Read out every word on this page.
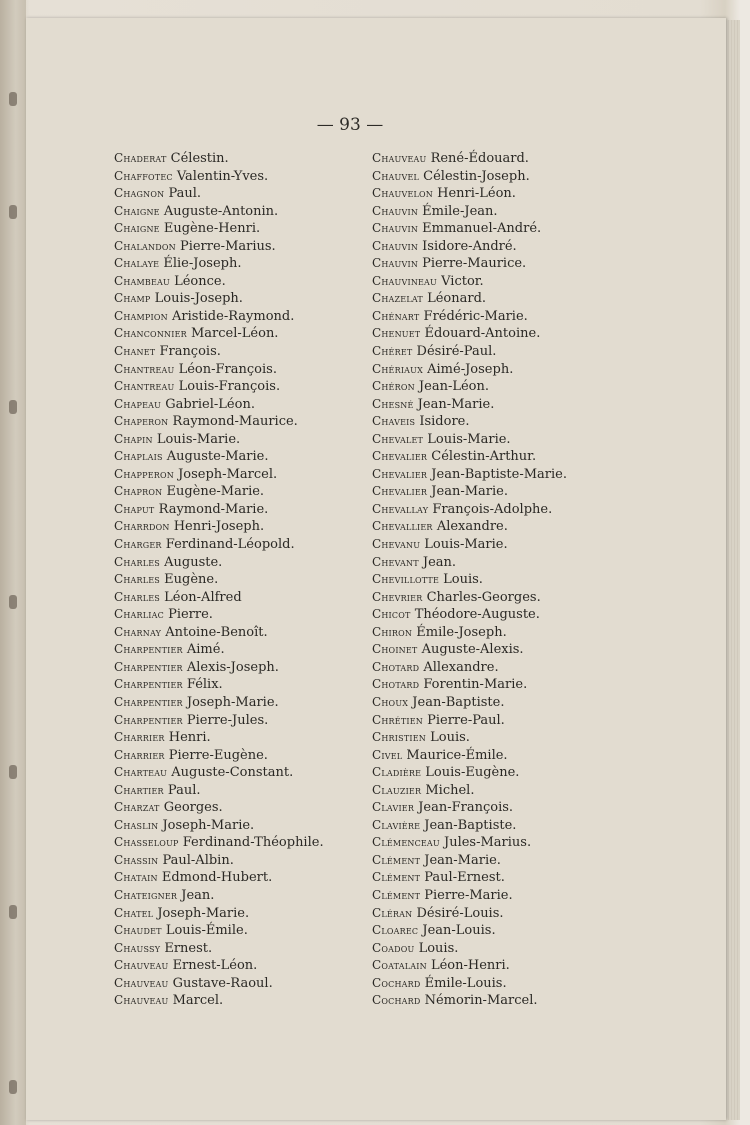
— 93 —
Chaderat Célestin.
Chaffotec Valentin-Yves.
Chagnon Paul.
Chaigne Auguste-Antonin.
Chaigne Eugène-Henri.
Chalandon Pierre-Marius.
Chalaye Élie-Joseph.
Chambeau Léonce.
Champ Louis-Joseph.
Champion Aristide-Raymond.
Chanconnier Marcel-Léon.
Chanet François.
Chantreau Léon-François.
Chantreau Louis-François.
Chapeau Gabriel-Léon.
Chaperon Raymond-Maurice.
Chapin Louis-Marie.
Chaplais Auguste-Marie.
Chapperon Joseph-Marcel.
Chapron Eugène-Marie.
Chaput Raymond-Marie.
Charrdon Henri-Joseph.
Charger Ferdinand-Léopold.
Charles Auguste.
Charles Eugène.
Charles Léon-Alfred
Charliac Pierre.
Charnay Antoine-Benoît.
Charpentier Aimé.
Charpentier Alexis-Joseph.
Charpentier Félix.
Charpentier Joseph-Marie.
Charpentier Pierre-Jules.
Charrier Henri.
Charrier Pierre-Eugène.
Charteau Auguste-Constant.
Chartier Paul.
Charzat Georges.
Chaslin Joseph-Marie.
Chasseloup Ferdinand-Théophile.
Chassin Paul-Albin.
Chatain Edmond-Hubert.
Chateigner Jean.
Chatel Joseph-Marie.
Chaudet Louis-Émile.
Chaussy Ernest.
Chauveau Ernest-Léon.
Chauveau Gustave-Raoul.
Chauveau Marcel.
Chauveau René-Édouard.
Chauvel Célestin-Joseph.
Chauvelon Henri-Léon.
Chauvin Émile-Jean.
Chauvin Emmanuel-André.
Chauvin Isidore-André.
Chauvin Pierre-Maurice.
Chauvineau Victor.
Chazelat Léonard.
Chénart Frédéric-Marie.
Chenuet Édouard-Antoine.
Chéret Désiré-Paul.
Chériaux Aimé-Joseph.
Chéron Jean-Léon.
Chesné Jean-Marie.
Chaveis Isidore.
Chevalet Louis-Marie.
Chevalier Célestin-Arthur.
Chevalier Jean-Baptiste-Marie.
Chevalier Jean-Marie.
Chevallay François-Adolphe.
Chevallier Alexandre.
Chevanu Louis-Marie.
Chevant Jean.
Chevillotte Louis.
Chevrier Charles-Georges.
Chicot Théodore-Auguste.
Chiron Émile-Joseph.
Choinet Auguste-Alexis.
Chotard Allexandre.
Chotard Forentin-Marie.
Choux Jean-Baptiste.
Chrétien Pierre-Paul.
Christien Louis.
Civel Maurice-Émile.
Cladière Louis-Eugène.
Clauzier Michel.
Clavier Jean-François.
Clavière Jean-Baptiste.
Clémenceau Jules-Marius.
Clément Jean-Marie.
Clément Paul-Ernest.
Clément Pierre-Marie.
Cléran Désiré-Louis.
Cloarec Jean-Louis.
Coadou Louis.
Coatalain Léon-Henri.
Cochard Émile-Louis.
Cochard Némorin-Marcel.
